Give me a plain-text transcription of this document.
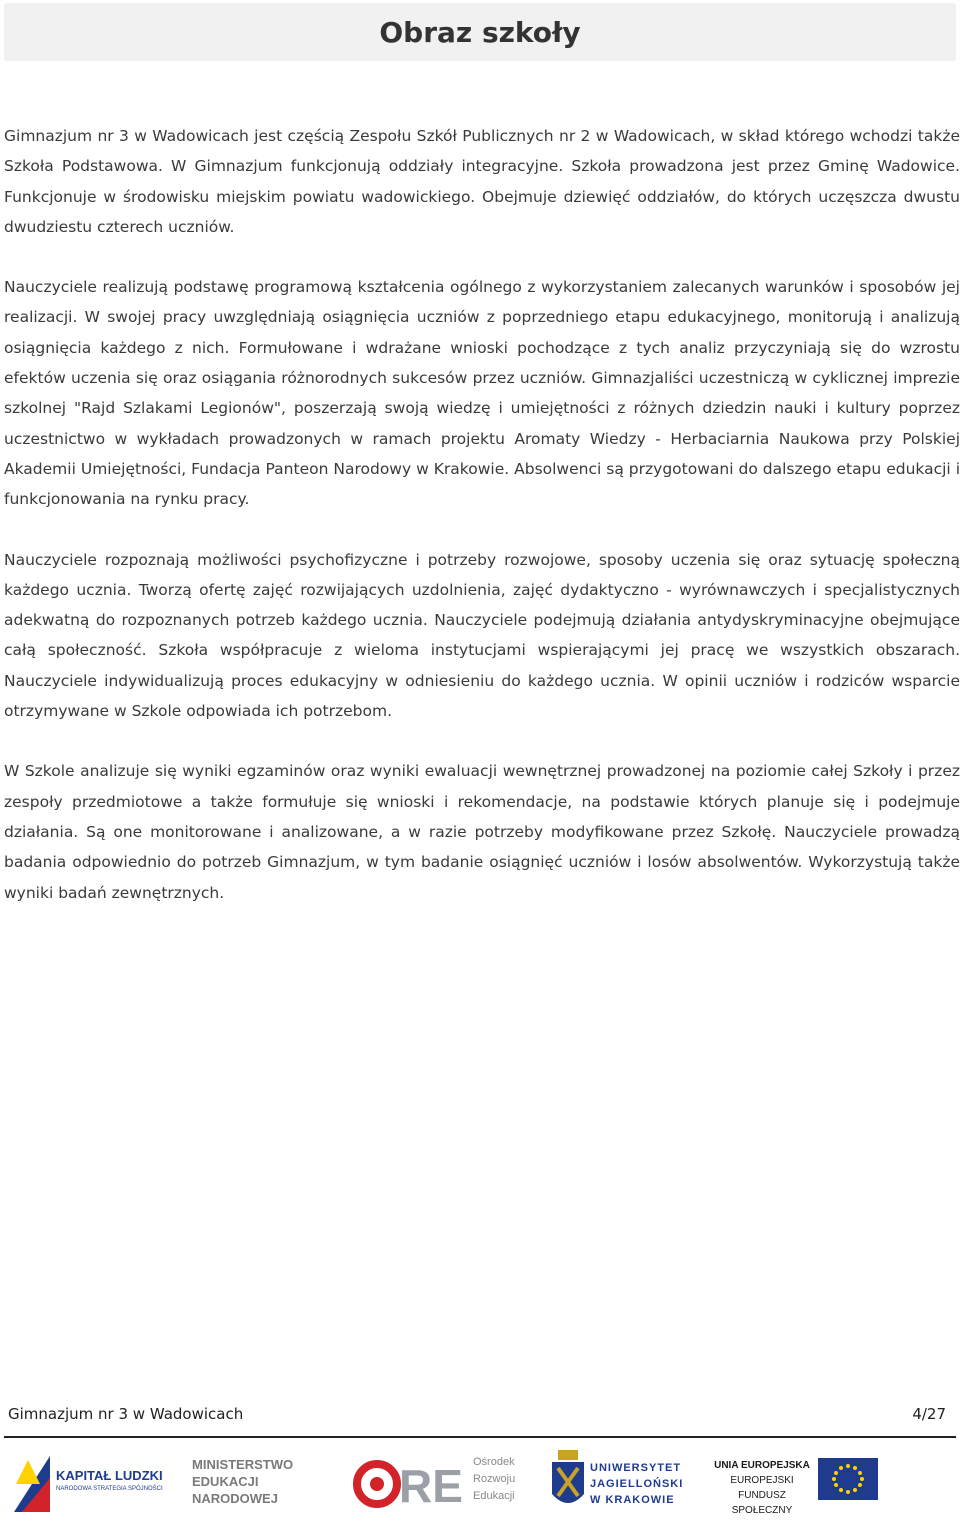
Obraz szkoły

Gimnazjum nr 3 w Wadowicach jest częścią Zespołu Szkół Publicznych nr 2 w Wadowicach, w skład którego wchodzi także Szkoła Podstawowa. W Gimnazjum funkcjonują oddziały integracyjne. Szkoła prowadzona jest przez Gminę Wadowice. Funkcjonuje w środowisku miejskim powiatu wadowickiego. Obejmuje dziewięć oddziałów, do których uczęszcza dwustu dwudziestu czterech uczniów.

Nauczyciele realizują podstawę programową kształcenia ogólnego z wykorzystaniem zalecanych warunków i sposobów jej realizacji. W swojej pracy uwzględniają osiągnięcia uczniów z poprzedniego etapu edukacyjnego, monitorują i analizują osiągnięcia każdego z nich. Formułowane i wdrażane wnioski pochodzące z tych analiz przyczyniają się do wzrostu efektów uczenia się oraz osiągania różnorodnych sukcesów przez uczniów. Gimnazjaliści uczestniczą w cyklicznej imprezie szkolnej "Rajd Szlakami Legionów", poszerzają swoją wiedzę i umiejętności z różnych dziedzin nauki i kultury poprzez uczestnictwo w wykładach prowadzonych w ramach projektu Aromaty Wiedzy - Herbaciarnia Naukowa przy Polskiej Akademii Umiejętności, Fundacja Panteon Narodowy w Krakowie. Absolwenci są przygotowani do dalszego etapu edukacji i funkcjonowania na rynku pracy.

Nauczyciele rozpoznają możliwości psychofizyczne i potrzeby rozwojowe, sposoby uczenia się oraz sytuację społeczną każdego ucznia. Tworzą ofertę zajęć rozwijających uzdolnienia, zajęć dydaktyczno - wyrównawczych i specjalistycznych adekwatną do rozpoznanych potrzeb każdego ucznia. Nauczyciele podejmują działania antydyskryminacyjne obejmujące całą społeczność. Szkoła współpracuje z wieloma instytucjami wspierającymi jej pracę we wszystkich obszarach. Nauczyciele indywidualizują proces edukacyjny w odniesieniu do każdego ucznia. W opinii uczniów i rodziców wsparcie otrzymywane w Szkole odpowiada ich potrzebom.

W Szkole analizuje się wyniki egzaminów oraz wyniki ewaluacji wewnętrznej prowadzonej na poziomie całej Szkoły i przez zespoły przedmiotowe a także formułuje się wnioski i rekomendacje, na podstawie których planuje się i podejmuje działania. Są one monitorowane i analizowane, a w razie potrzeby modyfikowane przez Szkołę. Nauczyciele prowadzą badania odpowiednio do potrzeb Gimnazjum, w tym badanie osiągnięć uczniów i losów absolwentów. Wykorzystują także wyniki badań zewnętrznych.

Gimnazjum nr 3 w Wadowicach	4/27
KAPITAŁ LUDZKI
NARODOWA STRATEGIA SPÓJNOŚCI
MINISTERSTWO
EDUKACJI
NARODOWEJ	RE Ośrodek
Rozwoju
Edukacji
UNIWERSYTET
JAGIELLOŃSKI
W KRAKOWIE
UNIA EUROPEJSKA
EUROPEJSKI
FUNDUSZ SPOŁECZNY
